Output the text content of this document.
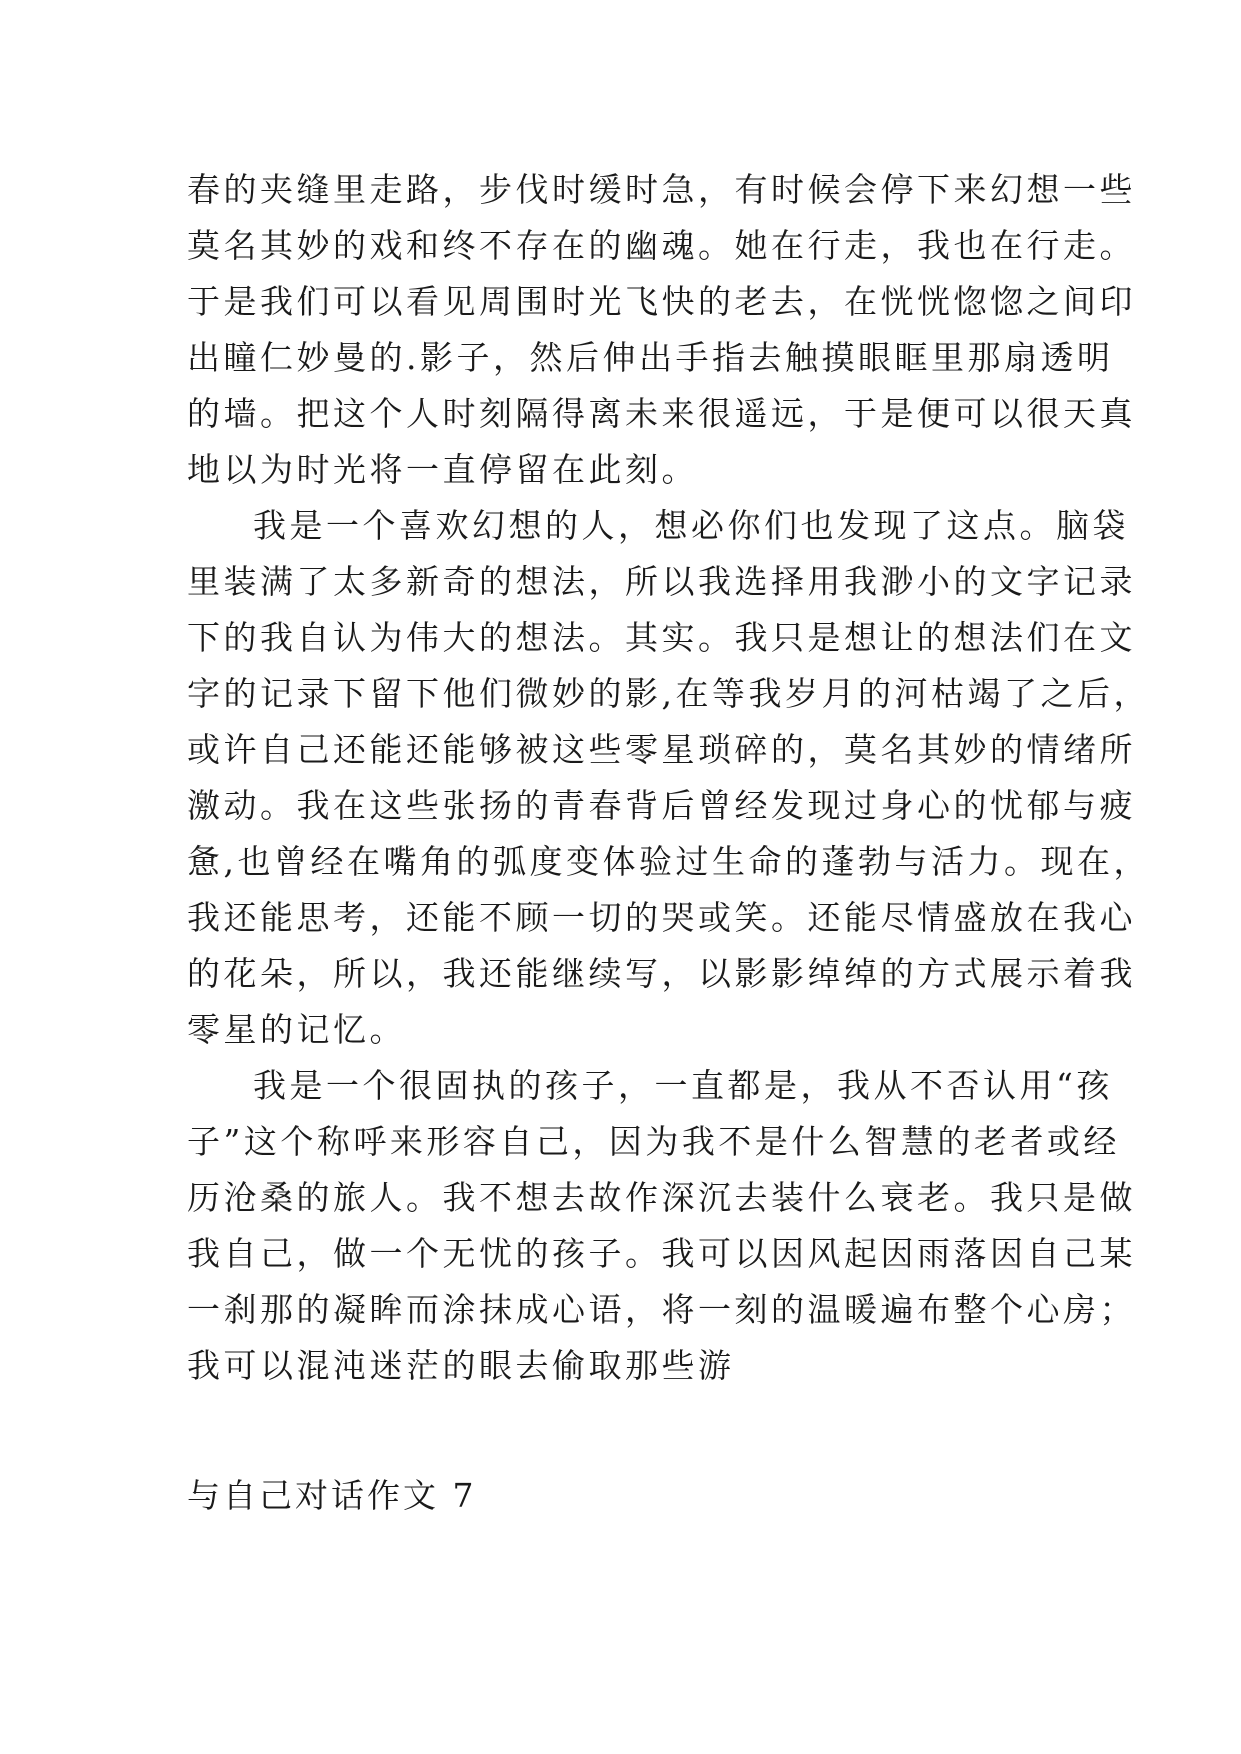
春的夹缝里走路，步伐时缓时急，有时候会停下来幻想一些
莫名其妙的戏和终不存在的幽魂。她在行走，我也在行走。
于是我们可以看见周围时光飞快的老去，在恍恍惚惚之间印
出瞳仁妙曼的.影子，然后伸出手指去触摸眼眶里那扇透明
的墙。把这个人时刻隔得离未来很遥远，于是便可以很天真
地以为时光将一直停留在此刻。
我是一个喜欢幻想的人，想必你们也发现了这点。脑袋
里装满了太多新奇的想法，所以我选择用我渺小的文字记录
下的我自认为伟大的想法。其实。我只是想让的想法们在文
字的记录下留下他们微妙的影,在等我岁月的河枯竭了之后，
或许自己还能还能够被这些零星琐碎的，莫名其妙的情绪所
激动。我在这些张扬的青春背后曾经发现过身心的忧郁与疲
惫,也曾经在嘴角的弧度变体验过生命的蓬勃与活力。现在，
我还能思考，还能不顾一切的哭或笑。还能尽情盛放在我心
的花朵，所以，我还能继续写，以影影绰绰的方式展示着我
零星的记忆。
我是一个很固执的孩子，一直都是，我从不否认用“孩
子”这个称呼来形容自己，因为我不是什么智慧的老者或经
历沧桑的旅人。我不想去故作深沉去装什么衰老。我只是做
我自己，做一个无忧的孩子。我可以因风起因雨落因自己某
一刹那的凝眸而涂抹成心语，将一刻的温暖遍布整个心房；
我可以混沌迷茫的眼去偷取那些游
与自己对话作文 7
